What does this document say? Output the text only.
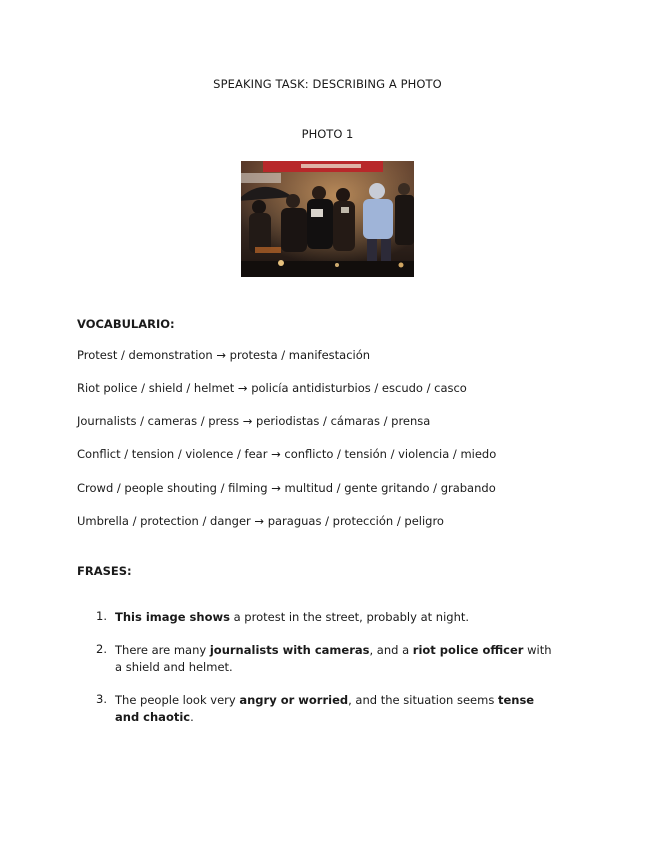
SPEAKING TASK: DESCRIBING A PHOTO
PHOTO 1
VOCABULARIO:
Protest / demonstration → protesta / manifestación
Riot police / shield / helmet → policía antidisturbios / escudo / casco
Journalists / cameras / press → periodistas / cámaras / prensa
Conflict / tension / violence / fear → conflicto / tensión / violencia / miedo
Crowd / people shouting / filming → multitud / gente gritando / grabando
Umbrella / protection / danger → paraguas / protección / peligro
FRASES:
1. This image shows a protest in the street, probably at night.
2. There are many journalists with cameras, and a riot police officer with a shield and helmet.
3. The people look very angry or worried, and the situation seems tense and chaotic.
